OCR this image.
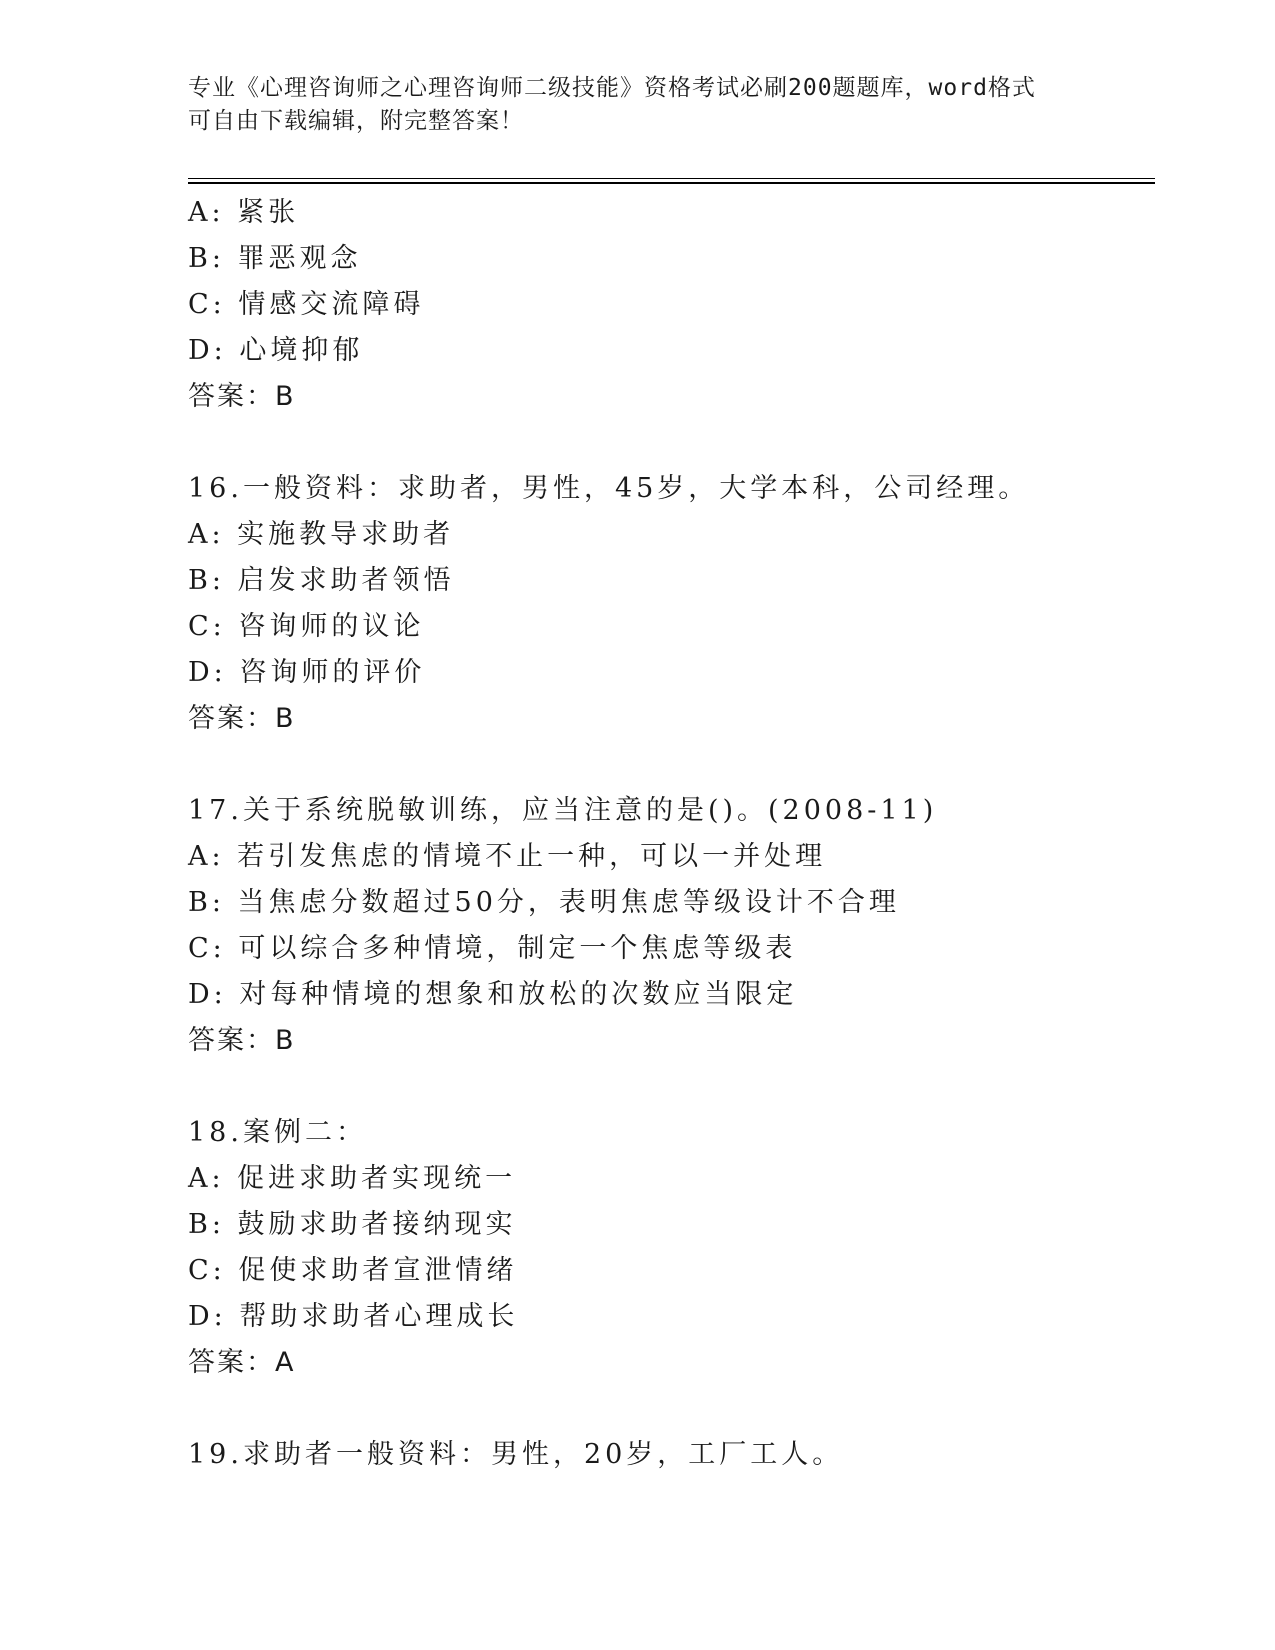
专业《心理咨询师之心理咨询师二级技能》资格考试必刷200题题库，word格式
可自由下载编辑，附完整答案！
A: 紧张
B: 罪恶观念
C: 情感交流障碍
D: 心境抑郁
答案：B
16.一般资料：求助者，男性，45岁，大学本科，公司经理。
A: 实施教导求助者
B: 启发求助者领悟
C: 咨询师的议论
D: 咨询师的评价
答案：B
17.关于系统脱敏训练，应当注意的是()。(2008-11)
A: 若引发焦虑的情境不止一种，可以一并处理
B: 当焦虑分数超过50分，表明焦虑等级设计不合理
C: 可以综合多种情境，制定一个焦虑等级表
D: 对每种情境的想象和放松的次数应当限定
答案：B
18.案例二：
A: 促进求助者实现统一
B: 鼓励求助者接纳现实
C: 促使求助者宣泄情绪
D: 帮助求助者心理成长
答案：A
19.求助者一般资料：男性，20岁，工厂工人。
